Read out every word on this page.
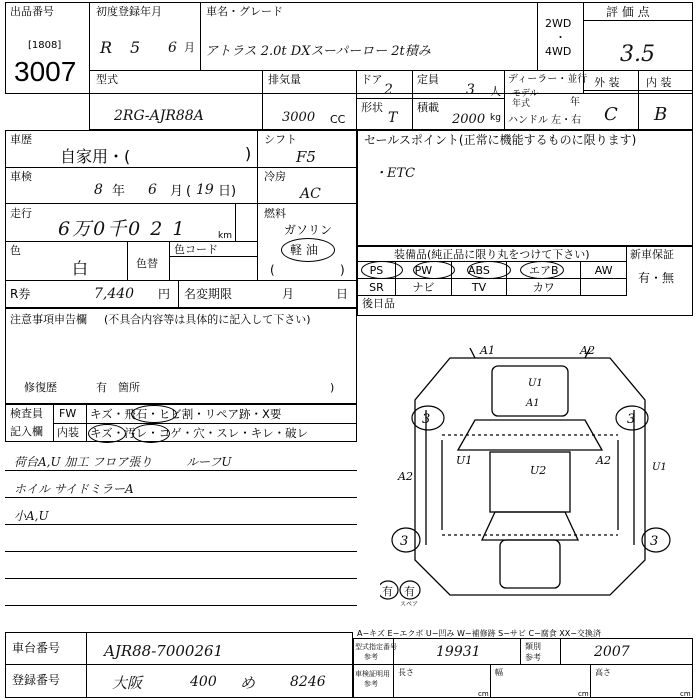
出品番号
[1808]
3007
初度登録年月
R 5 6 月
車名・グレード
アトラス 2.0t DXスーパーロー 2t積み
2WD
・
4WD
評 価 点
3.5
型式
2RG-AJR88A
排気量
3000 CC
ドア
2
定員
3 人
形状
T
積載
2000 kg
ディーラー・並行
モデル
年式	年
ハンドル 左・右
外 装 内 装
C B
車歴
自家用・(	)
シフト
F5
車検
8 年 6 月 ( 19 日)
冷房
AC
走行
6万0千0 2 1	km
燃料
ガソリン
(
軽 油
)
色
白	色替
色コード
R券	7,440 円 名変期限	月	日
注意事項申告欄 (不具合内容等は具体的に記入して下さい)
修復歴	有 箇所	)
検査員
記入欄
FW キズ・飛石・ヒビ割・リペア跡・X要
内装 キズ・汚レ・コゲ・穴・スレ・キレ・破レ
荷台A,U 加工 フロア張り	ルーフU
ホイル サイドミラーA
小A,U
セールスポイント(正常に機能するものに限ります)
・ETC
装備品(純正品に限り丸をつけて下さい)	新車保証
有・無
PS	PW	ABS	エアB	AW
SR	ナビ	TV	カワ	
後日品
3	3
3	3
A1	A2
U1
A1
A2
U1
U2
A2
U1
有 有
スペア
A−キズ E−エクボ U−凹み W−補修跡 S−サビ C−腐食 XX−交換済
車台番号	AJR88-7000261
登録番号	大阪	400 め 8246
型式指定番号
参考	19931	類別
参考	2007
車検証明用
参考
長さ
cm
幅
cm
高さ
cm
